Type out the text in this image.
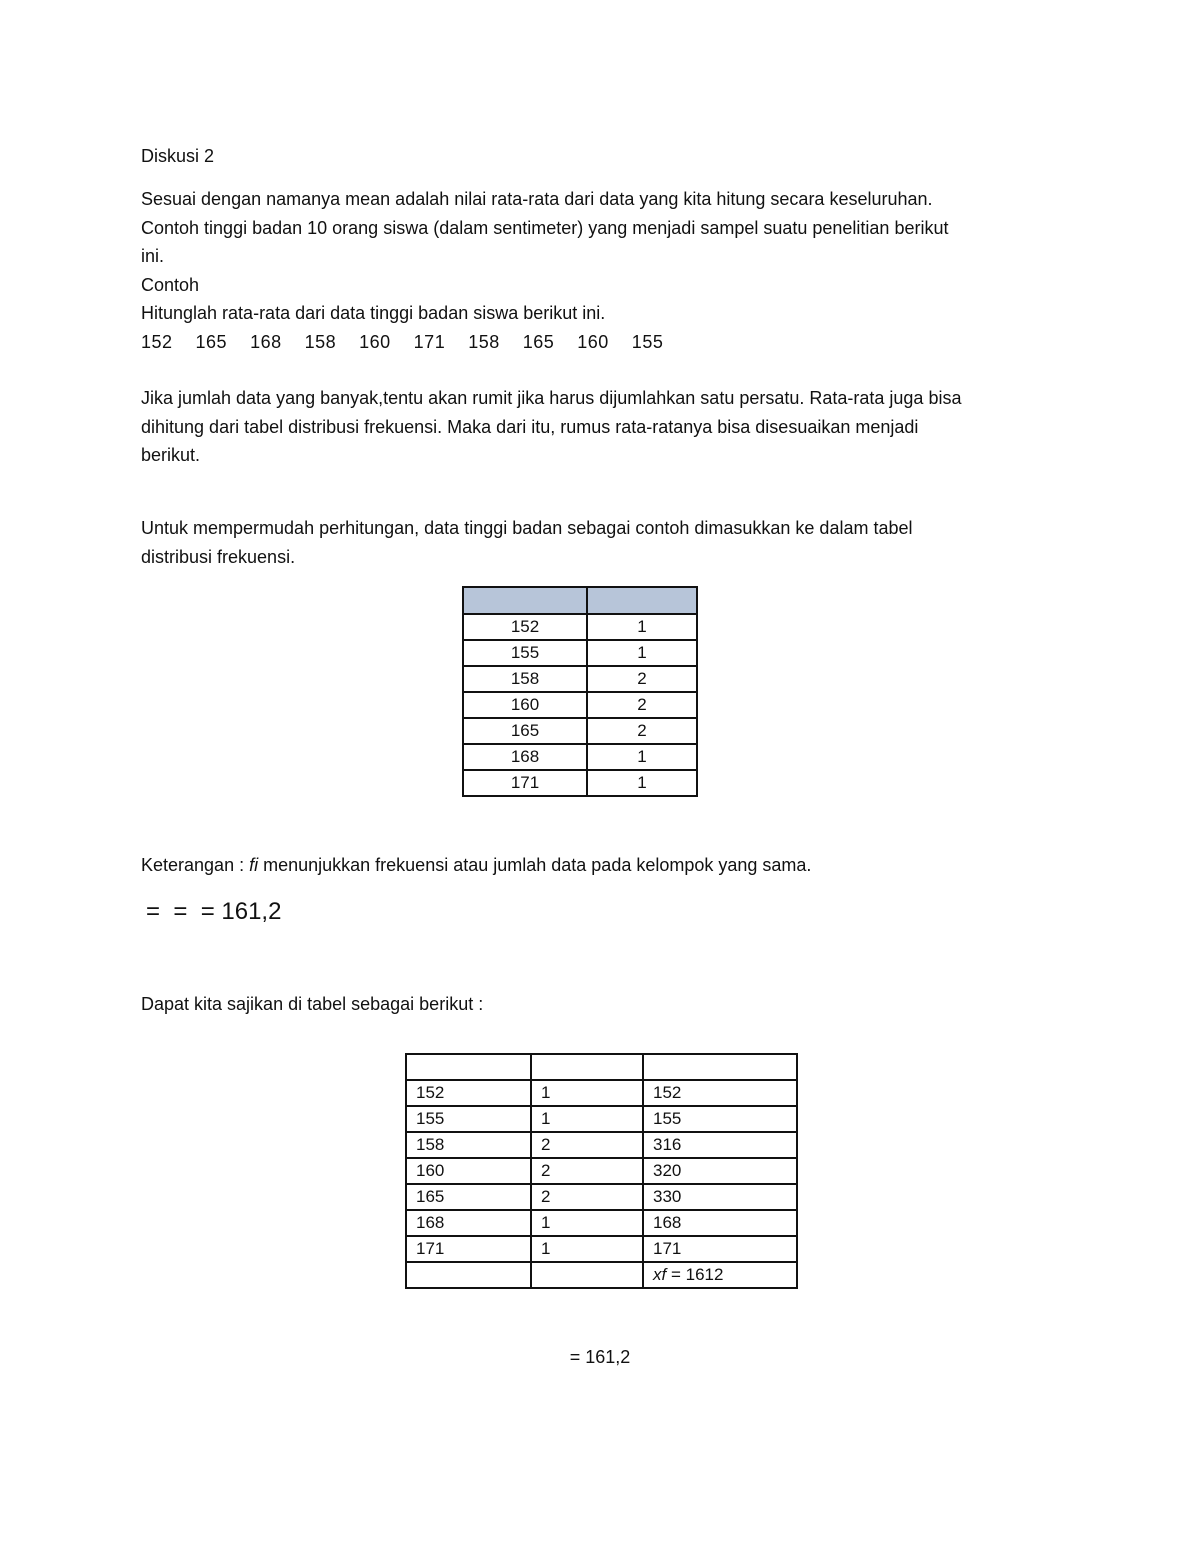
Diskusi 2
Sesuai dengan namanya mean adalah nilai rata-rata dari data yang kita hitung secara keseluruhan.
Contoh tinggi badan 10 orang siswa (dalam sentimeter) yang menjadi sampel suatu penelitian berikut
ini.
Contoh
Hitunglah rata-rata dari data tinggi badan siswa berikut ini.
152  165  168  158  160  171  158  165  160  155
Jika jumlah data yang banyak,tentu akan rumit jika harus dijumlahkan satu persatu. Rata-rata juga bisa
dihitung dari tabel distribusi frekuensi. Maka dari itu, rumus rata-ratanya bisa disesuaikan menjadi
berikut.
Untuk mempermudah perhitungan, data tinggi badan sebagai contoh dimasukkan ke dalam tabel
distribusi frekuensi.

152	1
155	1
158	2
160	2
165	2
168	1
171	1
Keterangan : fi menunjukkan frekuensi atau jumlah data pada kelompok yang sama.
=  =  = 161,2
Dapat kita sajikan di tabel sebagai berikut :

152	1	152
155	1	155
158	2	316
160	2	320
165	2	330
168	1	168
171	1	171
		xf = 1612
= 161,2
